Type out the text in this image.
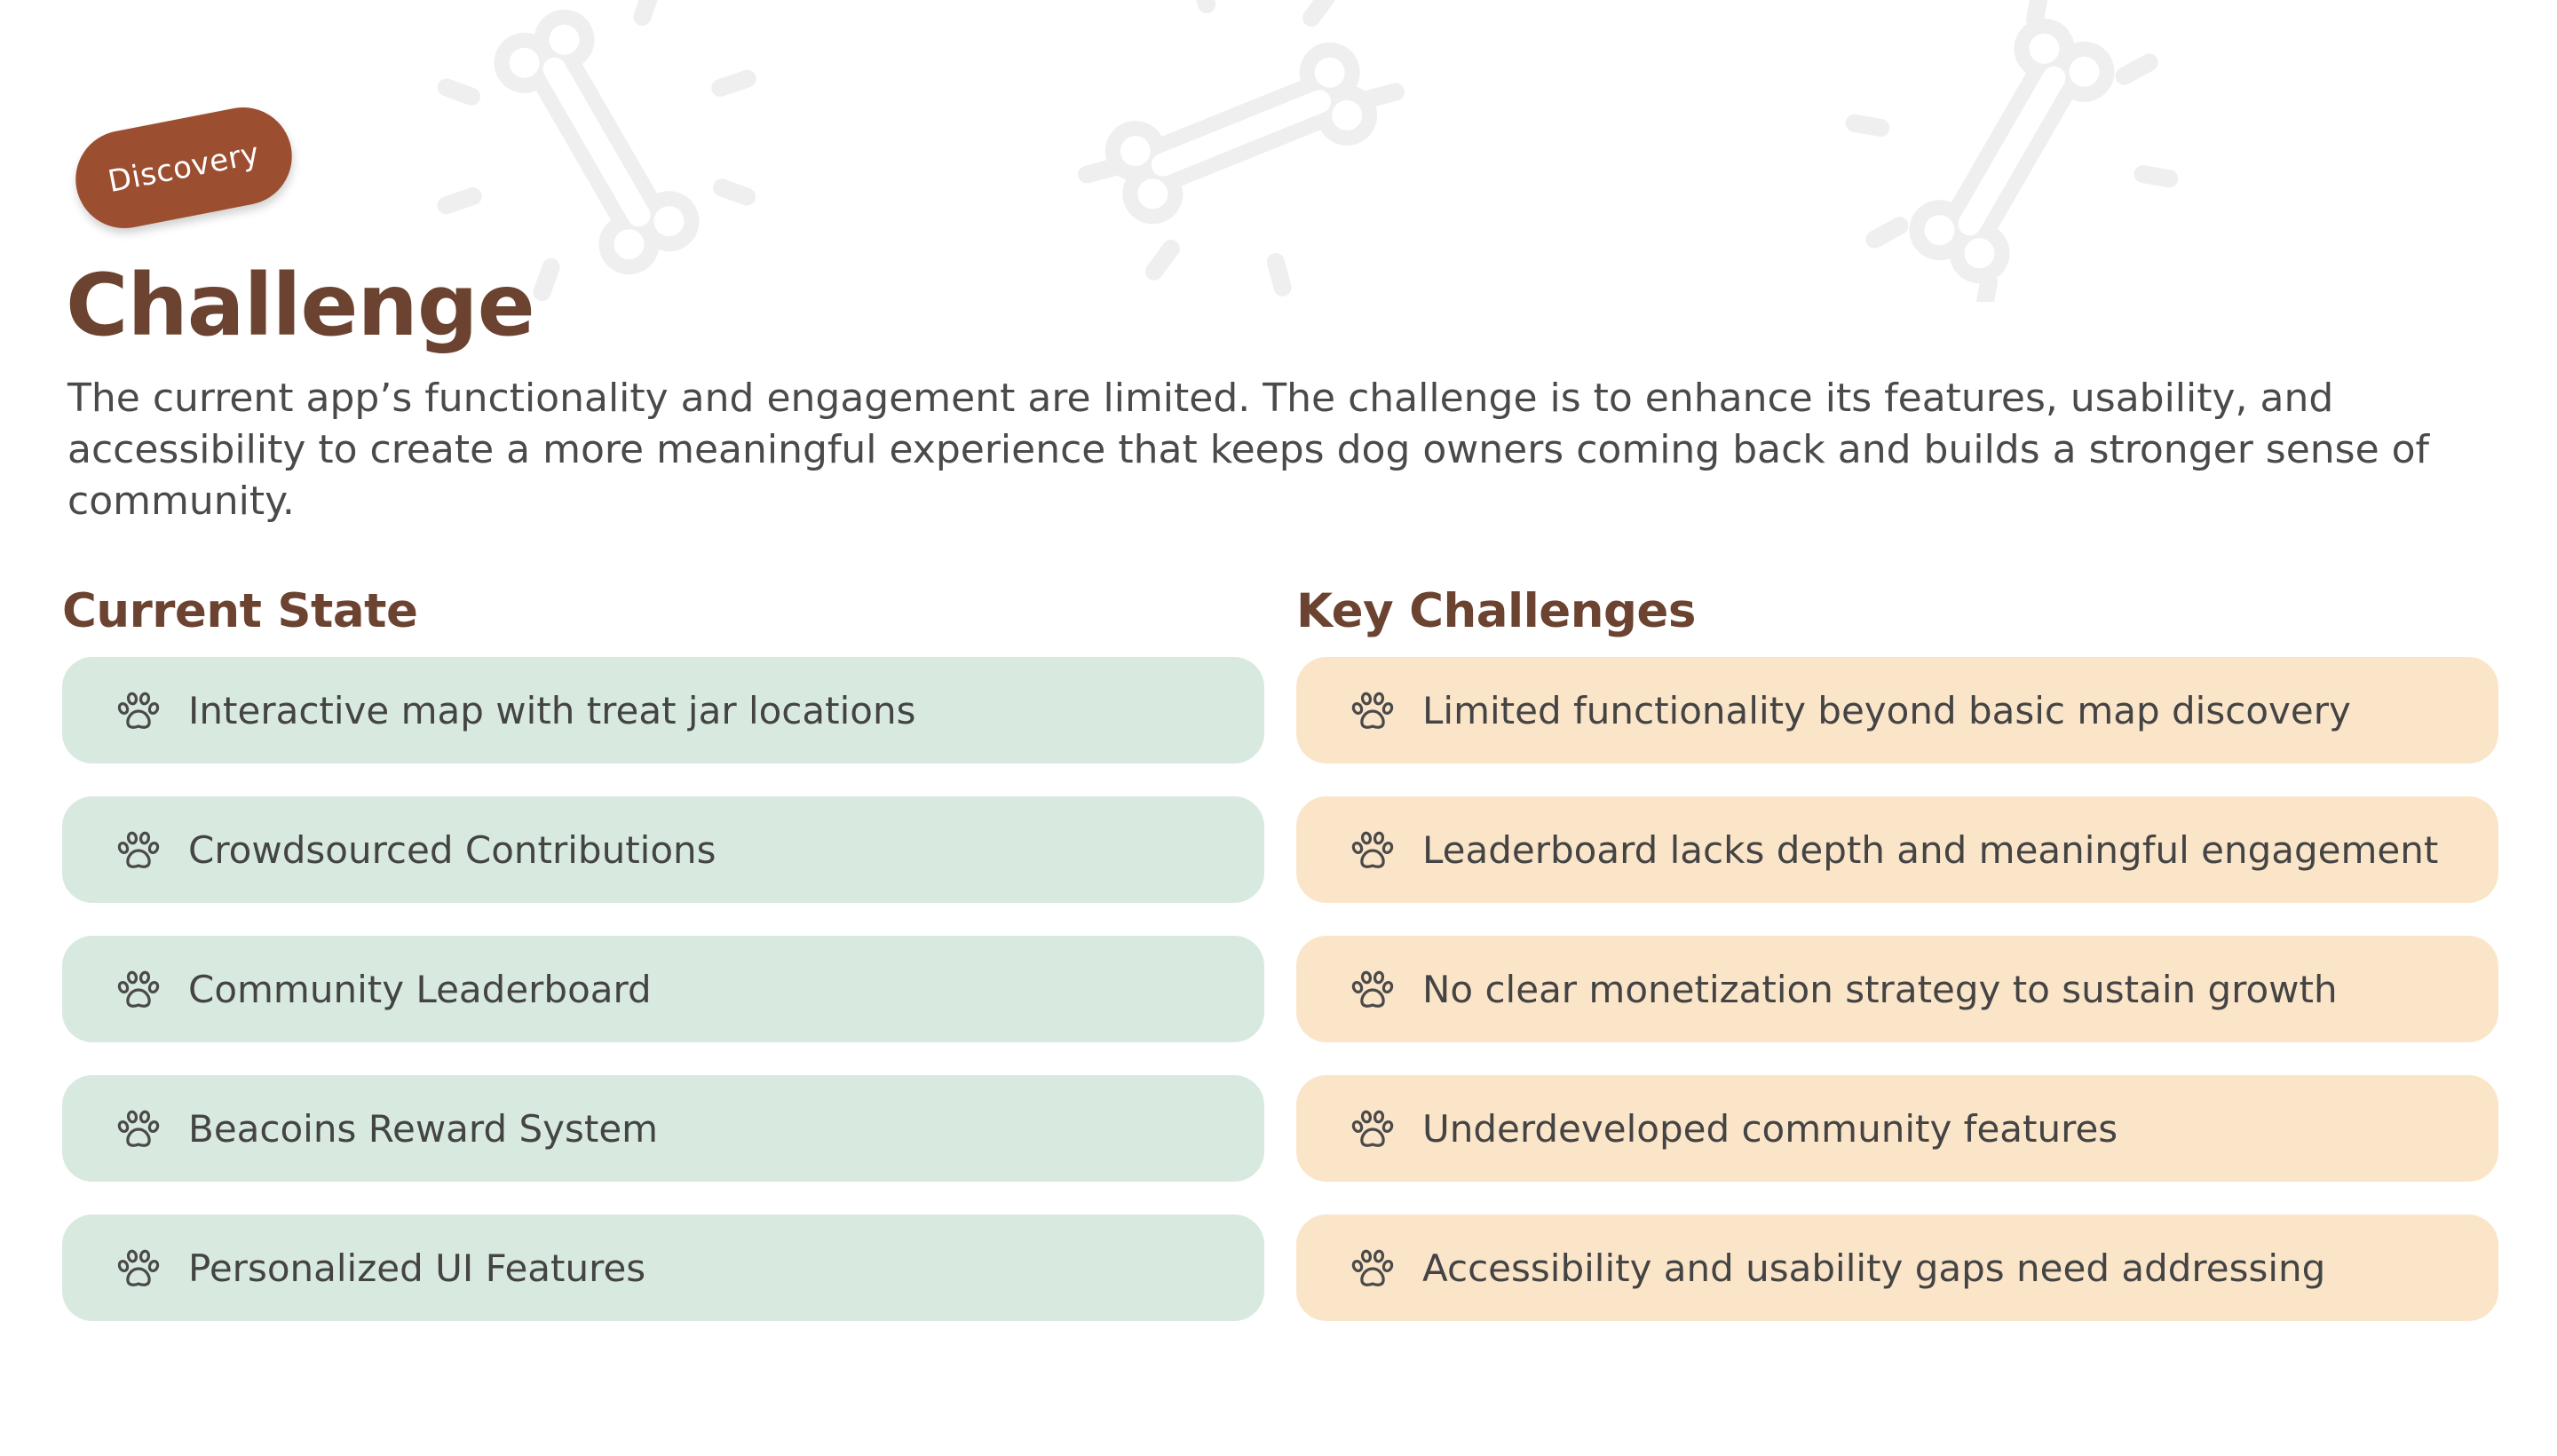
Discovery
Challenge

The current app’s functionality and engagement are limited. The challenge is to enhance its features, usability, and accessibility to create a more meaningful experience that keeps dog owners coming back and builds a stronger sense of community.

Current State	Key Challenges
Interactive map with treat jar locations
Crowdsourced Contributions
Community Leaderboard
Beacoins Reward System
Personalized UI Features
Limited functionality beyond basic map discovery
Leaderboard lacks depth and meaningful engagement
No clear monetization strategy to sustain growth
Underdeveloped community features
Accessibility and usability gaps need addressing
